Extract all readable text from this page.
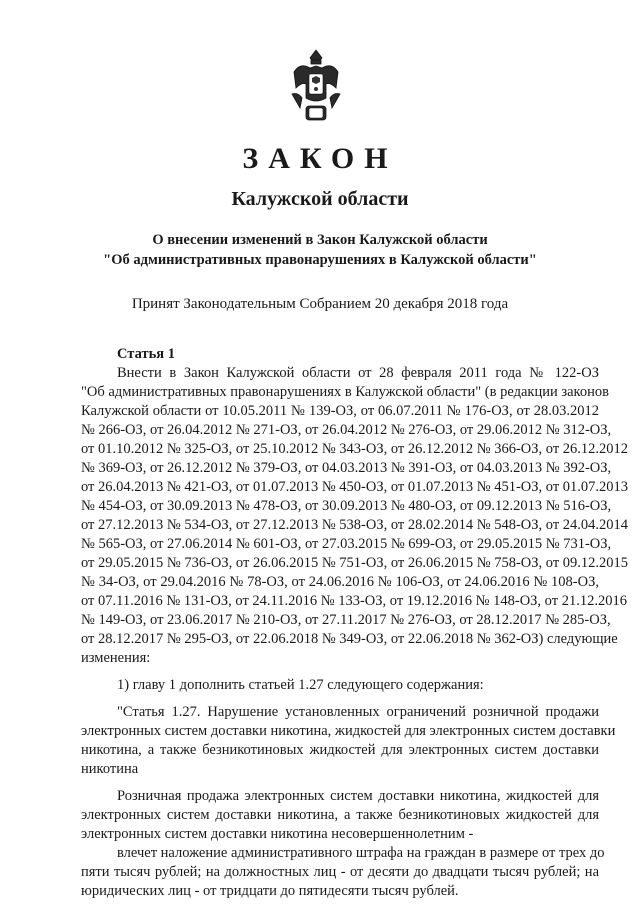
ЗАКОН
Калужской области
О внесении изменений в Закон Калужской области
"Об административных правонарушениях в Калужской области"
Принят Законодательным Собранием 20 декабря 2018 года
Статья 1
Внести в Закон Калужской области от 28 февраля 2011 года № 122-ОЗ
"Об административных правонарушениях в Калужской области" (в редакции законов
Калужской области от 10.05.2011 № 139-ОЗ, от 06.07.2011 № 176-ОЗ, от 28.03.2012
№ 266-ОЗ, от 26.04.2012 № 271-ОЗ, от 26.04.2012 № 276-ОЗ, от 29.06.2012 № 312-ОЗ,
от 01.10.2012 № 325-ОЗ, от 25.10.2012 № 343-ОЗ, от 26.12.2012 № 366-ОЗ, от 26.12.2012
№ 369-ОЗ, от 26.12.2012 № 379-ОЗ, от 04.03.2013 № 391-ОЗ, от 04.03.2013 № 392-ОЗ,
от 26.04.2013 № 421-ОЗ, от 01.07.2013 № 450-ОЗ, от 01.07.2013 № 451-ОЗ, от 01.07.2013
№ 454-ОЗ, от 30.09.2013 № 478-ОЗ, от 30.09.2013 № 480-ОЗ, от 09.12.2013 № 516-ОЗ,
от 27.12.2013 № 534-ОЗ, от 27.12.2013 № 538-ОЗ, от 28.02.2014 № 548-ОЗ, от 24.04.2014
№ 565-ОЗ, от 27.06.2014 № 601-ОЗ, от 27.03.2015 № 699-ОЗ, от 29.05.2015 № 731-ОЗ,
от 29.05.2015 № 736-ОЗ, от 26.06.2015 № 751-ОЗ, от 26.06.2015 № 758-ОЗ, от 09.12.2015
№ 34-ОЗ, от 29.04.2016 № 78-ОЗ, от 24.06.2016 № 106-ОЗ, от 24.06.2016 № 108-ОЗ,
от 07.11.2016 № 131-ОЗ, от 24.11.2016 № 133-ОЗ, от 19.12.2016 № 148-ОЗ, от 21.12.2016
№ 149-ОЗ, от 23.06.2017 № 210-ОЗ, от 27.11.2017 № 276-ОЗ, от 28.12.2017 № 285-ОЗ,
от 28.12.2017 № 295-ОЗ, от 22.06.2018 № 349-ОЗ, от 22.06.2018 № 362-ОЗ) следующие
изменения:
1) главу 1 дополнить статьей 1.27 следующего содержания:
"Статья 1.27. Нарушение установленных ограничений розничной продажи
электронных систем доставки никотина, жидкостей для электронных систем доставки
никотина, а также безникотиновых жидкостей для электронных систем доставки
никотина
Розничная продажа электронных систем доставки никотина, жидкостей для
электронных систем доставки никотина, а также безникотиновых жидкостей для
электронных систем доставки никотина несовершеннолетним -
влечет наложение административного штрафа на граждан в размере от трех до
пяти тысяч рублей; на должностных лиц - от десяти до двадцати тысяч рублей; на
юридических лиц - от тридцати до пятидесяти тысяч рублей.
